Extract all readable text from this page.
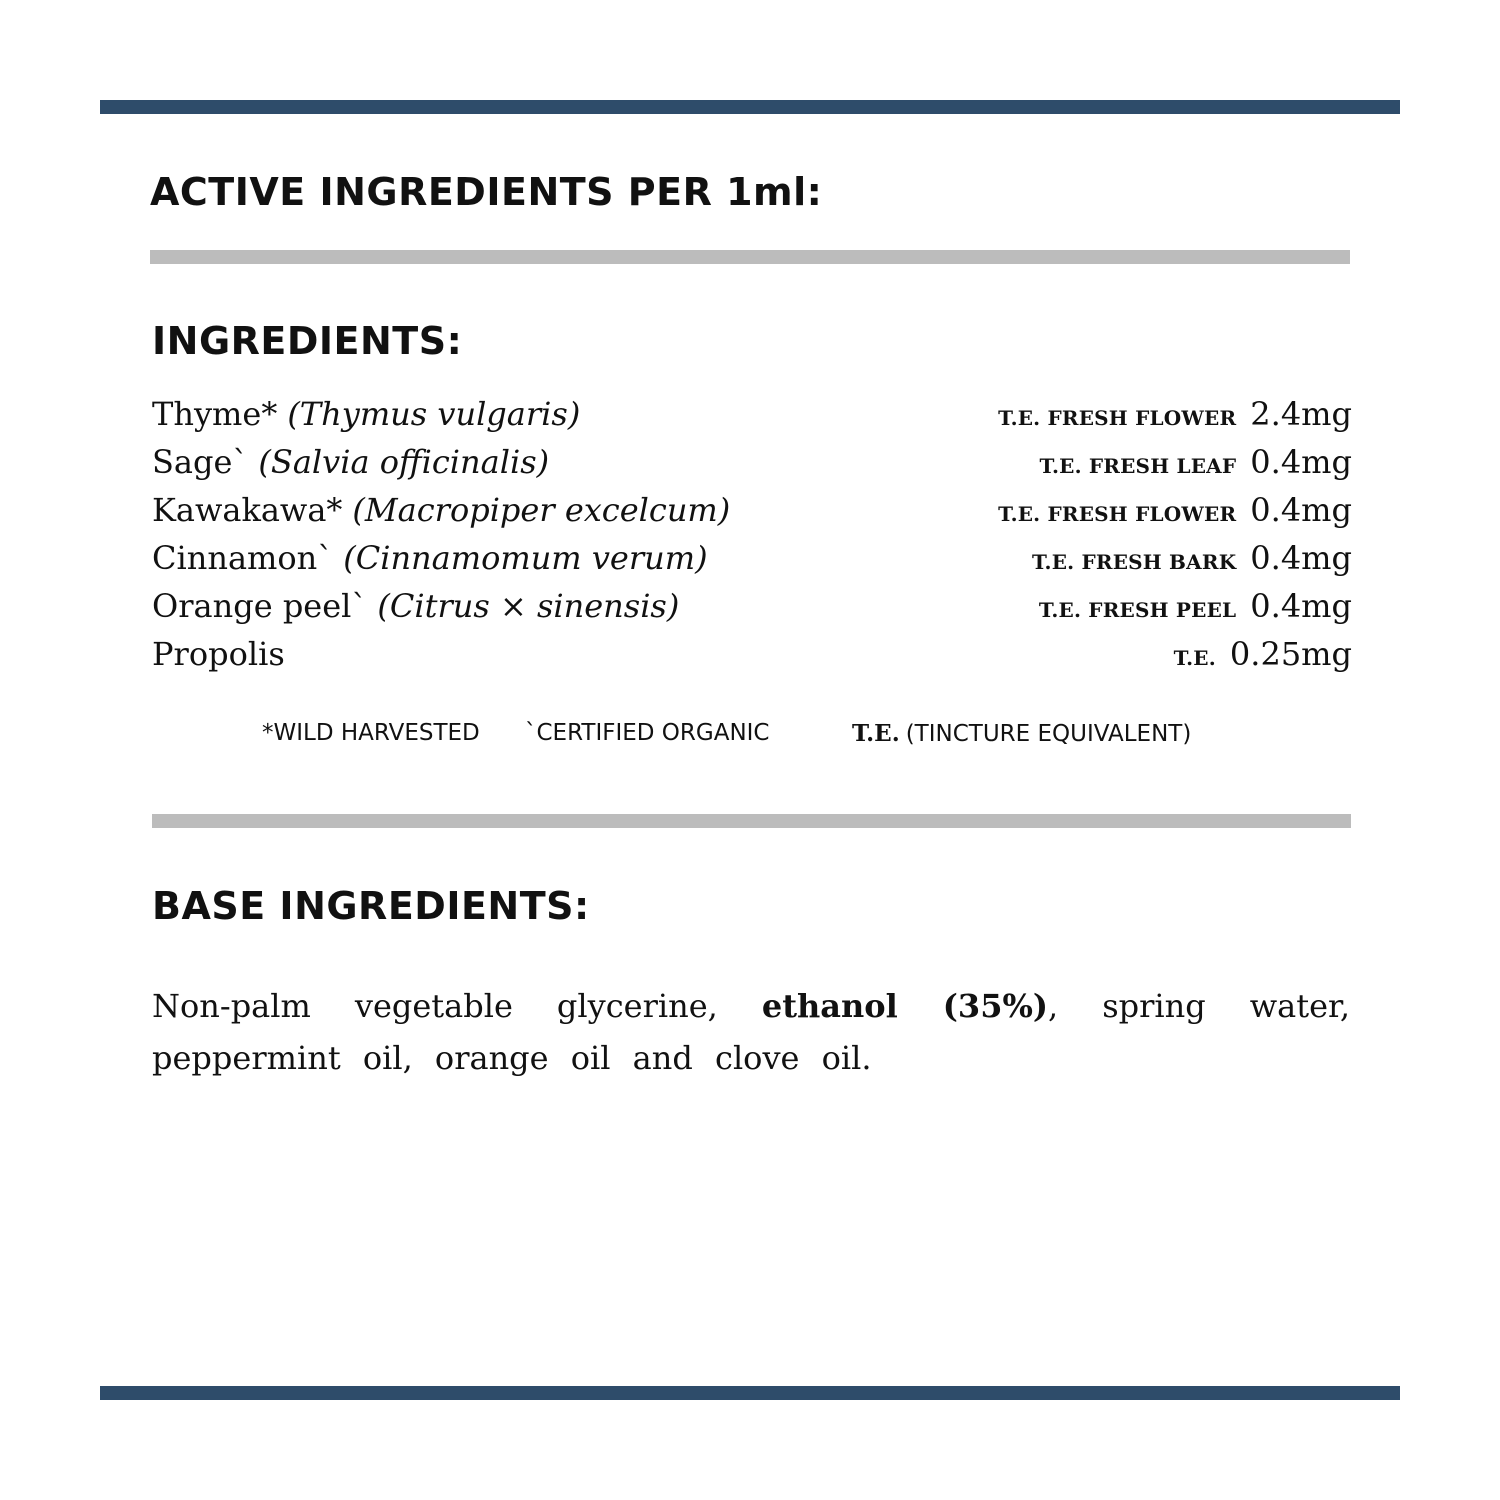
ACTIVE INGREDIENTS PER 1ml:
INGREDIENTS:
Thyme* (Thymus vulgaris)	T.E. FRESH FLOWER 2.4mg
Sage` (Salvia officinalis)	T.E. FRESH LEAF 0.4mg
Kawakawa* (Macropiper excelcum)	T.E. FRESH FLOWER 0.4mg
Cinnamon` (Cinnamomum verum)	T.E. FRESH BARK 0.4mg
Orange peel` (Citrus × sinensis)	T.E. FRESH PEEL 0.4mg
Propolis	T.E. 0.25mg
*WILD HARVESTED `CERTIFIED ORGANIC	T.E. (TINCTURE EQUIVALENT)
BASE INGREDIENTS:

Non-palm vegetable glycerine, ethanol (35%), spring water, peppermint oil, orange oil and clove oil.
